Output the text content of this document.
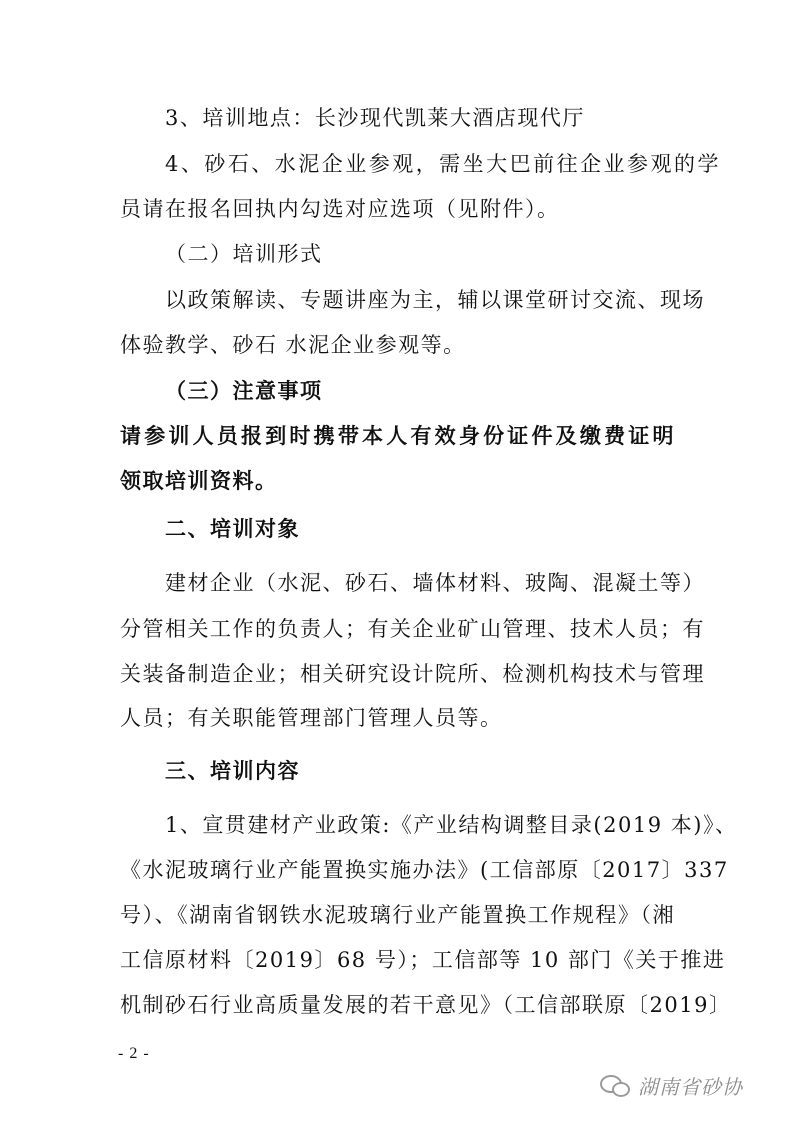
3、培训地点：长沙现代凯莱大酒店现代厅
4、砂石、水泥企业参观，需坐大巴前往企业参观的学
员请在报名回执内勾选对应选项（见附件）。
（二）培训形式
以政策解读、专题讲座为主，辅以课堂研讨交流、现场
体验教学、砂石 水泥企业参观等。
（三）注意事项
请参训人员报到时携带本人有效身份证件及缴费证明
领取培训资料。
二、培训对象
建材企业（水泥、砂石、墙体材料、玻陶、混凝土等）
分管相关工作的负责人；有关企业矿山管理、技术人员；有
关装备制造企业；相关研究设计院所、检测机构技术与管理
人员；有关职能管理部门管理人员等。
三、培训内容
1、宣贯建材产业政策:《产业结构调整目录(2019 本)》、
《水泥玻璃行业产能置换实施办法》(工信部原〔2017〕337
号）、《湖南省钢铁水泥玻璃行业产能置换工作规程》（湘
工信原材料〔2019〕68 号）；工信部等 10 部门《关于推进
机制砂石行业高质量发展的若干意见》（工信部联原〔2019〕
- 2 -
湖南省砂协
